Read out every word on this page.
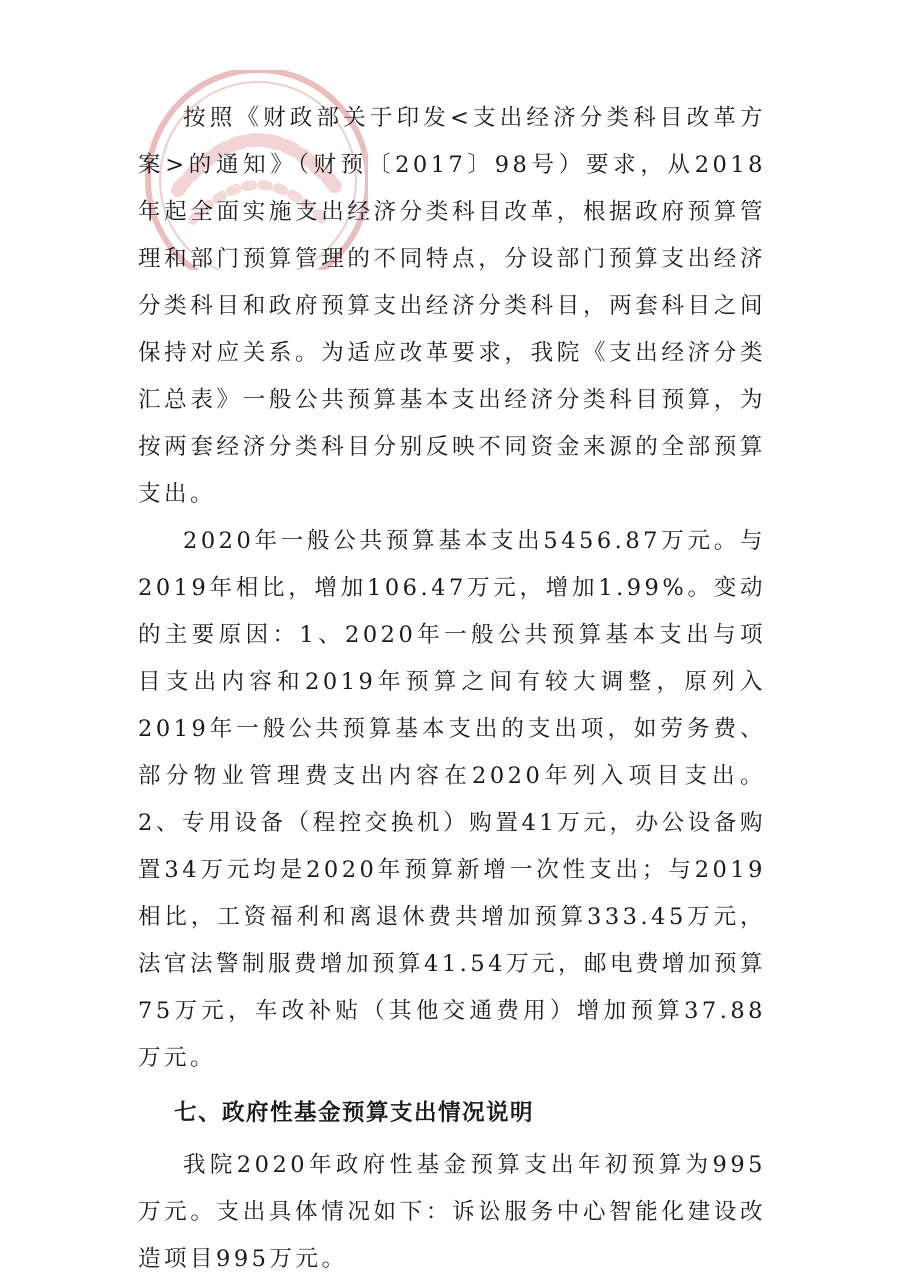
按照《财政部关于印发<支出经济分类科目改革方案>的通知》（财预〔2017〕98号）要求，从2018年起全面实施支出经济分类科目改革，根据政府预算管理和部门预算管理的不同特点，分设部门预算支出经济分类科目和政府预算支出经济分类科目，两套科目之间保持对应关系。为适应改革要求，我院《支出经济分类汇总表》一般公共预算基本支出经济分类科目预算，为按两套经济分类科目分别反映不同资金来源的全部预算支出。

2020年一般公共预算基本支出5456.87万元。与2019年相比，增加106.47万元，增加1.99%。变动的主要原因：1、2020年一般公共预算基本支出与项目支出内容和2019年预算之间有较大调整，原列入2019年一般公共预算基本支出的支出项，如劳务费、部分物业管理费支出内容在2020年列入项目支出。2、专用设备（程控交换机）购置41万元，办公设备购置34万元均是2020年预算新增一次性支出；与2019相比，工资福利和离退休费共增加预算333.45万元，法官法警制服费增加预算41.54万元，邮电费增加预算75万元，车改补贴（其他交通费用）增加预算37.88万元。

七、政府性基金预算支出情况说明

我院2020年政府性基金预算支出年初预算为995万元。支出具体情况如下：诉讼服务中心智能化建设改造项目995万元。
